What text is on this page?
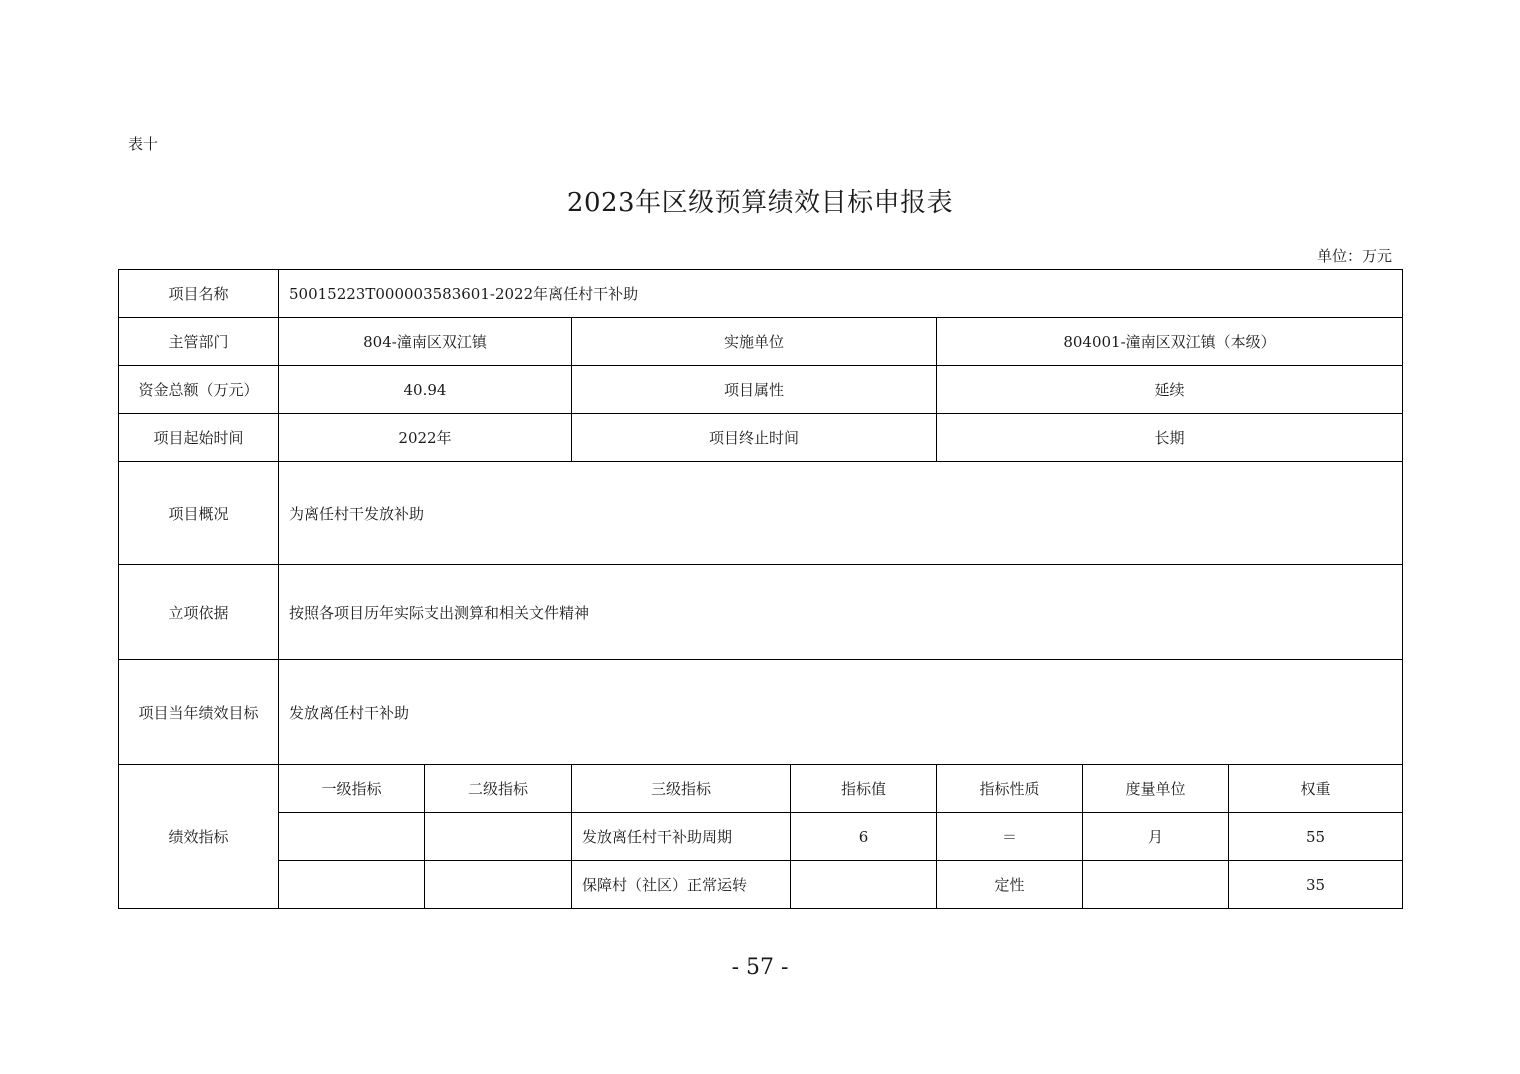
表十
2023年区级预算绩效目标申报表
单位：万元
项目名称	50015223T000003583601-2022年离任村干补助						
主管部门	804-潼南区双江镇		实施单位		804001-潼南区双江镇（本级）		
资金总额（万元）	40.94		项目属性		延续		
项目起始时间	2022年		项目终止时间		长期		
项目概况	为离任村干发放补助						
立项依据	按照各项目历年实际支出测算和相关文件精神						
项目当年绩效目标	发放离任村干补助						
绩效指标	一级指标	二级指标	三级指标	指标值	指标性质	度量单位	权重
			发放离任村干补助周期	6	＝	月	55
			保障村（社区）正常运转		定性		35
- 57 -
